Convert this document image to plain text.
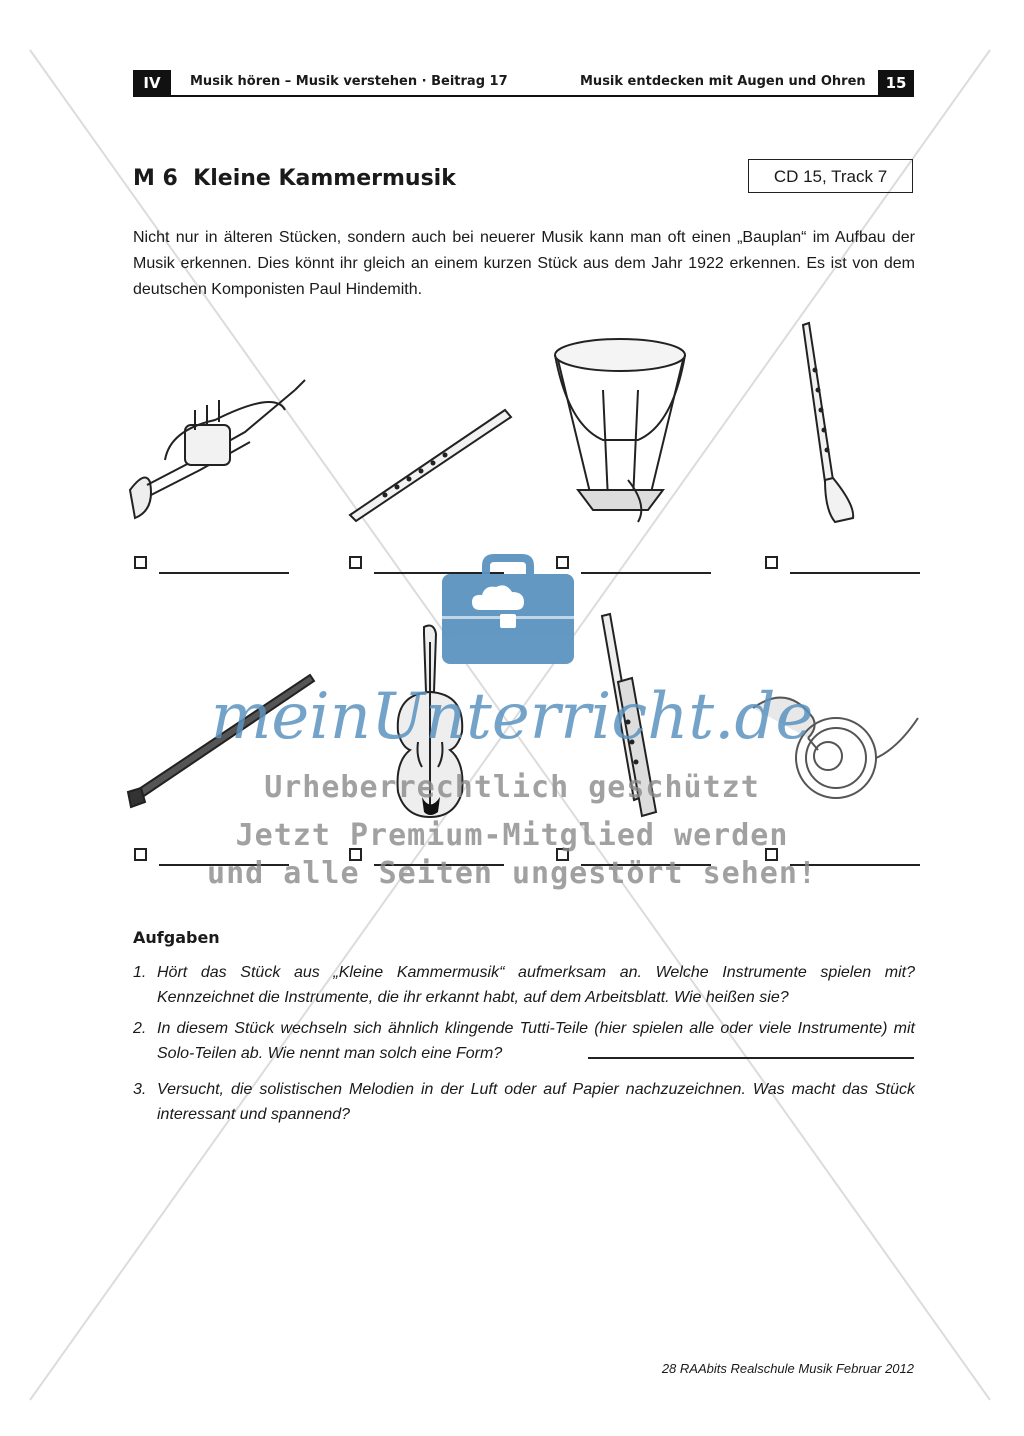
IV	Musik hören – Musik verstehen · Beitrag 17	Musik entdecken mit Augen und Ohren	15
M 6  Kleine Kammermusik	CD 15, Track 7
Nicht nur in älteren Stücken, sondern auch bei neuerer Musik kann man oft einen „Bauplan“ im Aufbau der Musik erkennen. Dies könnt ihr gleich an einem kurzen Stück aus dem Jahr 1922 erkennen. Es ist von dem deutschen Komponisten Paul Hindemith.
meinUnterricht.de
Urheberrechtlich geschützt
Jetzt Premium-Mitglied werden
und alle Seiten ungestört sehen!
Aufgaben
1. Hört das Stück aus „Kleine Kammermusik“ aufmerksam an. Welche Instrumente spielen mit? Kennzeichnet die Instrumente, die ihr erkannt habt, auf dem Arbeitsblatt. Wie heißen sie?
2. In diesem Stück wechseln sich ähnlich klingende Tutti-Teile (hier spielen alle oder viele Instrumente) mit Solo-Teilen ab. Wie nennt man solch eine Form?
3. Versucht, die solistischen Melodien in der Luft oder auf Papier nachzuzeichnen. Was macht das Stück interessant und spannend?
28 RAAbits Realschule Musik Februar 2012
